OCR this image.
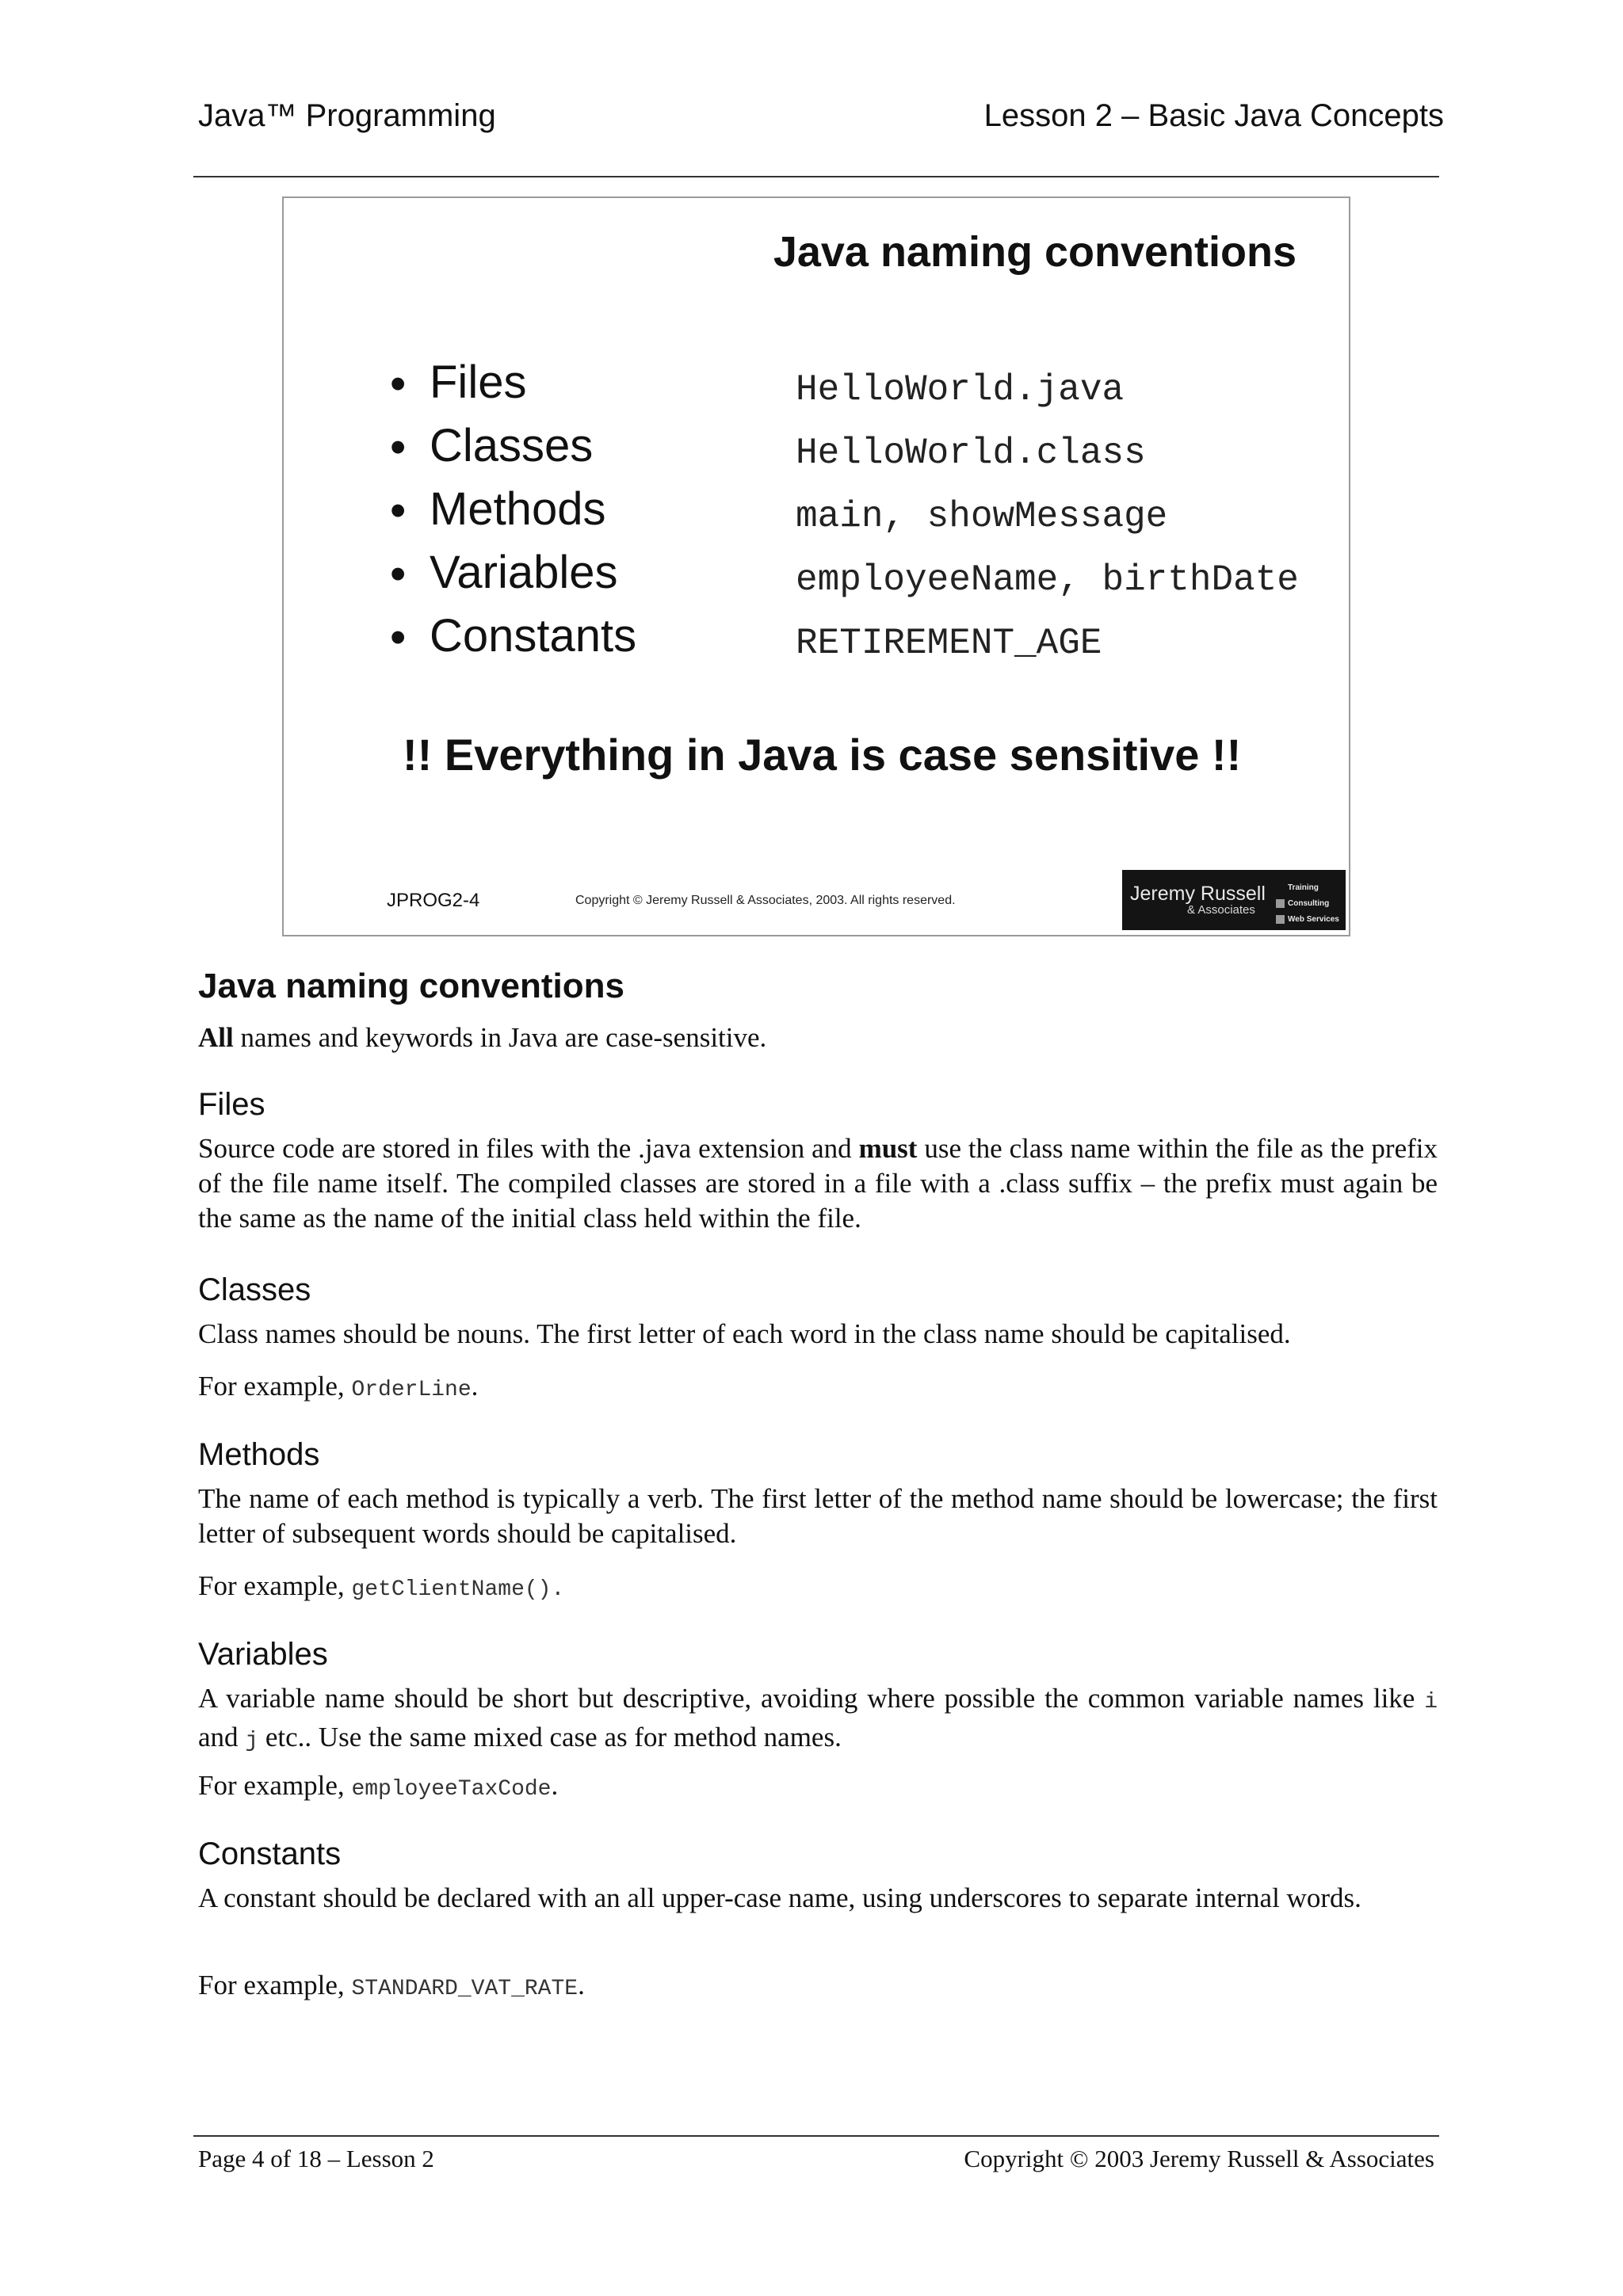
Java™ Programming	Lesson 2 – Basic Java Concepts
Java naming conventions
• Files	HelloWorld.java
• Classes	HelloWorld.class
• Methods	main, showMessage
• Variables	employeeName, birthDate
• Constants	RETIREMENT_AGE
!! Everything in Java is case sensitive !!
JPROG2-4	Copyright © Jeremy Russell & Associates, 2003. All rights reserved.	Jeremy Russell
& Associates
Training
Consulting
Web Services
Java naming conventions
All names and keywords in Java are case-sensitive.
Files

Source code are stored in files with the .java extension and must use the class name within the file as the prefix of the file name itself. The compiled classes are stored in a file with a .class suffix – the prefix must again be the same as the name of the initial class held within the file.

Classes

Class names should be nouns. The first letter of each word in the class name should be capitalised.

For example, OrderLine.

Methods

The name of each method is typically a verb. The first letter of the method name should be lowercase; the first letter of subsequent words should be capitalised.

For example, getClientName().

Variables

A variable name should be short but descriptive, avoiding where possible the common variable names like i and j etc.. Use the same mixed case as for method names.

For example, employeeTaxCode.

Constants

A constant should be declared with an all upper-case name, using underscores to separate internal words.

For example, STANDARD_VAT_RATE.

Page 4 of 18 – Lesson 2	Copyright © 2003 Jeremy Russell & Associates
